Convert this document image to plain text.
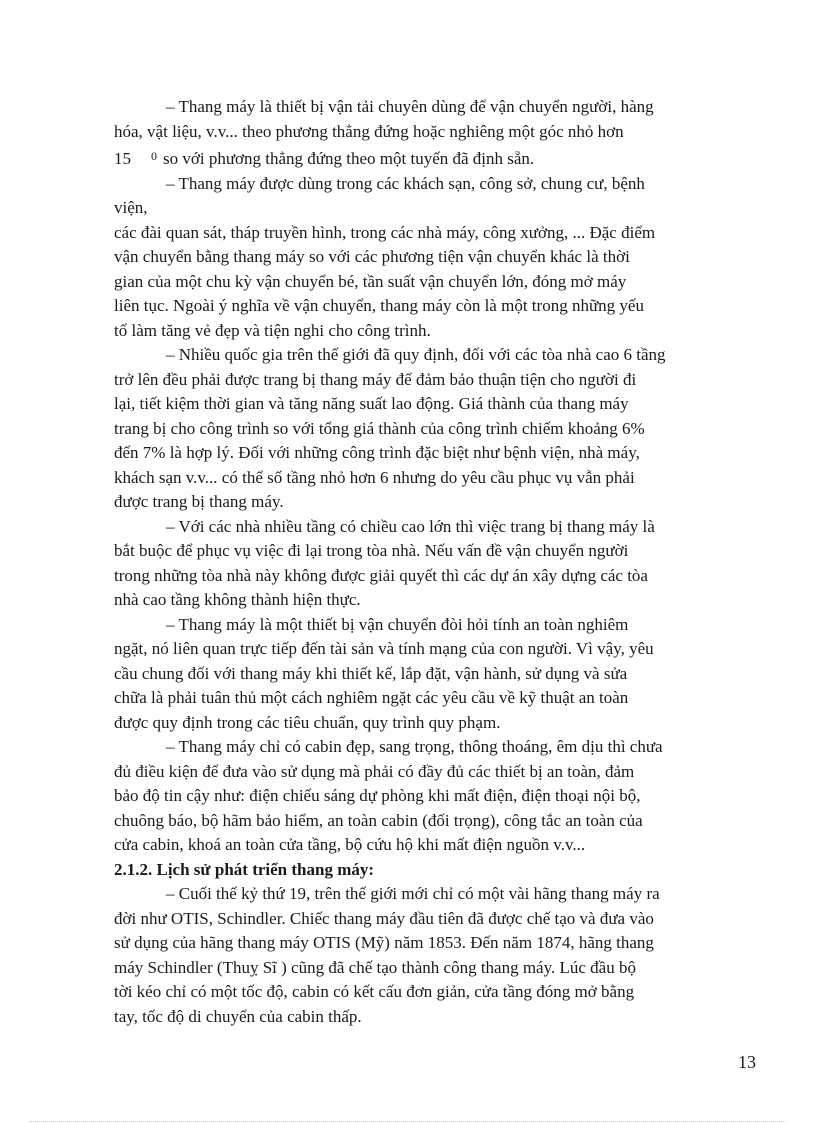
– Thang máy là thiết bị vận tải chuyên dùng để vận chuyển người, hàng
hóa, vật liệu, v.v... theo phương thẳng đứng hoặc nghiêng một góc nhỏ hơn
15 $^0$ so với phương thẳng đứng theo một tuyến đã định sẵn.

– Thang máy được dùng trong các khách sạn, công sở, chung cư, bệnh
viện,
các đài quan sát, tháp truyền hình, trong các nhà máy, công xưởng, ... Đặc điểm
vận chuyển bằng thang máy so với các phương tiện vận chuyển khác là thời
gian của một chu kỳ vận chuyển bé, tần suất vận chuyển lớn, đóng mở máy
liên tục. Ngoài ý nghĩa về vận chuyển, thang máy còn là một trong những yếu
tố làm tăng vẻ đẹp và tiện nghi cho công trình.

– Nhiều quốc gia trên thế giới đã quy định, đối với các tòa nhà cao 6 tầng
trở lên đều phải được trang bị thang máy để đảm bảo thuận tiện cho người đi
lại, tiết kiệm thời gian và tăng năng suất lao động. Giá thành của thang máy
trang bị cho công trình so với tổng giá thành của công trình chiếm khoảng 6%
đến 7% là hợp lý. Đối với những công trình đặc biệt như bệnh viện, nhà máy,
khách sạn v.v... có thể số tầng nhỏ hơn 6 nhưng do yêu cầu phục vụ vẫn phải
được trang bị thang máy.

– Với các nhà nhiều tầng có chiều cao lớn thì việc trang bị thang máy là
bắt buộc để phục vụ việc đi lại trong tòa nhà. Nếu vấn đề vận chuyển người
trong những tòa nhà này không được giải quyết thì các dự án xây dựng các tòa
nhà cao tầng không thành hiện thực.

– Thang máy là một thiết bị vận chuyển đòi hỏi tính an toàn nghiêm
ngặt, nó liên quan trực tiếp đến tài sản và tính mạng của con người. Vì vậy, yêu
cầu chung đối với thang máy khi thiết kế, lắp đặt, vận hành, sử dụng và sửa
chữa là phải tuân thủ một cách nghiêm ngặt các yêu cầu về kỹ thuật an toàn
được quy định trong các tiêu chuẩn, quy trình quy phạm.

– Thang máy chỉ có cabin đẹp, sang trọng, thông thoáng, êm dịu thì chưa
đủ điều kiện để đưa vào sử dụng mà phải có đầy đủ các thiết bị an toàn, đảm
bảo độ tin cậy như: điện chiếu sáng dự phòng khi mất điện, điện thoại nội bộ,
chuông báo, bộ hãm bảo hiểm, an toàn cabin (đối trọng), công tắc an toàn của
cửa cabin, khoá an toàn cửa tầng, bộ cứu hộ khi mất điện nguồn v.v...

2.1.2. Lịch sử phát triển thang máy:

– Cuối thế kỷ thứ 19, trên thế giới mới chỉ có một vài hãng thang máy ra
đời như OTIS, Schindler. Chiếc thang máy đầu tiên đã được chế tạo và đưa vào
sử dụng của hãng thang máy OTIS (Mỹ) năm 1853. Đến năm 1874, hãng thang
máy Schindler (Thuỵ Sĩ ) cũng đã chế tạo thành công thang máy. Lúc đầu bộ
tời kéo chỉ có một tốc độ, cabin có kết cấu đơn giản, cửa tầng đóng mở bằng
tay, tốc độ di chuyển của cabin thấp.

13
